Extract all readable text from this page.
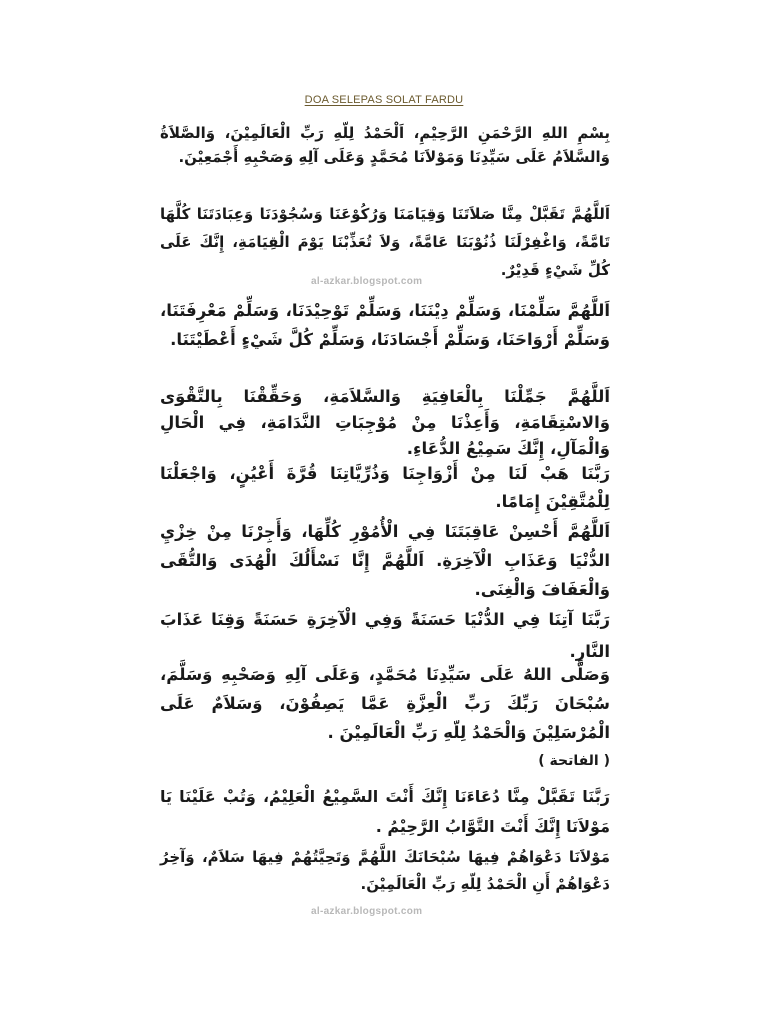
DOA SELEPAS SOLAT FARDU
بِسْمِ اللهِ الرَّحْمَنِ الرَّحِيْمِ، اَلْحَمْدُ لِلّهِ رَبِّ الْعَالَمِيْنَ، وَالصَّلاَةُ وَالسَّلاَمُ عَلَى سَيِّدِنَا وَمَوْلاَنَا مُحَمَّدٍ وَعَلَى آلِهِ وَصَحْبِهِ أَجْمَعِيْنَ.
اَللَّهُمَّ تَقَبَّلْ مِنَّا صَلاَتَنَا وَقِيَامَنَا وَرُكُوْعَنَا وَسُجُوْدَنَا وَعِبَادَتَنَا كُلَّهَا تَامَّةً، وَاغْفِرْلَنَا ذُنُوْبَنَا عَامَّةً، وَلاَ تُعَذِّبْنَا يَوْمَ الْقِيَامَةِ، إِنَّكَ عَلَى كُلِّ شَيْءٍ قَدِيْرٌ.
al-azkar.blogspot.com
اَللَّهُمَّ سَلِّمْنَا، وَسَلِّمْ دِيْنَنَا، وَسَلِّمْ تَوْحِيْدَنَا، وَسَلِّمْ مَعْرِفَتَنَا، وَسَلِّمْ أَرْوَاحَنَا، وَسَلِّمْ أَجْسَادَنَا، وَسَلِّمْ كُلَّ شَيْءٍ أَعْطَيْتَنَا.
اَللَّهُمَّ جَمِّلْنَا بِالْعَافِيَةِ وَالسَّلاَمَةِ، وَحَقِّقْنَا بِالتَّقْوَى وَالاسْتِقَامَةِ، وَأَعِذْنَا مِنْ مُوْجِبَاتِ النَّدَامَةِ، فِي الْحَالِ وَالْمَآلِ، إِنَّكَ سَمِيْعُ الدُّعَاءِ.
رَبَّنَا هَبْ لَنَا مِنْ أَزْوَاجِنَا وَذُرِّيَّاتِنَا قُرَّةَ أَعْيُنٍ، وَاجْعَلْنَا لِلْمُتَّقِيْنَ إِمَامًا.
اَللَّهُمَّ أَحْسِنْ عَاقِبَتَنَا فِي الْأُمُوْرِ كُلِّهَا، وَأَجِرْنَا مِنْ خِزْيِ الدُّنْيَا وَعَذَابِ الْآخِرَةِ. اَللَّهُمَّ إِنَّا نَسْأَلُكَ الْهُدَى وَالتُّقَى وَالْعَفَافَ وَالْغِنَى.
رَبَّنَا آتِنَا فِي الدُّنْيَا حَسَنَةً وَفِي الْآخِرَةِ حَسَنَةً وَقِنَا عَذَابَ النَّارِ.
وَصَلَّى اللهُ عَلَى سَيِّدِنَا مُحَمَّدٍ، وَعَلَى آلِهِ وَصَحْبِهِ وَسَلَّمَ، سُبْحَانَ رَبِّكَ رَبِّ الْعِزَّةِ عَمَّا يَصِفُوْنَ، وَسَلاَمٌ عَلَى الْمُرْسَلِيْنَ وَالْحَمْدُ لِلّهِ رَبِّ الْعَالَمِيْنَ .
( الفاتحة )
رَبَّنَا تَقَبَّلْ مِنَّا دُعَاءَنَا إِنَّكَ أَنْتَ السَّمِيْعُ الْعَلِيْمُ، وَتُبْ عَلَيْنَا يَا مَوْلاَنَا إِنَّكَ أَنْتَ التَّوَّابُ الرَّحِيْمُ .
مَوْلاَنَا دَعْوَاهُمْ فِيهَا سُبْحَانَكَ اللَّهُمَّ وَتَحِيَّتُهُمْ فِيهَا سَلاَمٌ، وَآخِرُ دَعْوَاهُمْ أَنِ الْحَمْدُ لِلّهِ رَبِّ الْعَالَمِيْنَ.
al-azkar.blogspot.com
